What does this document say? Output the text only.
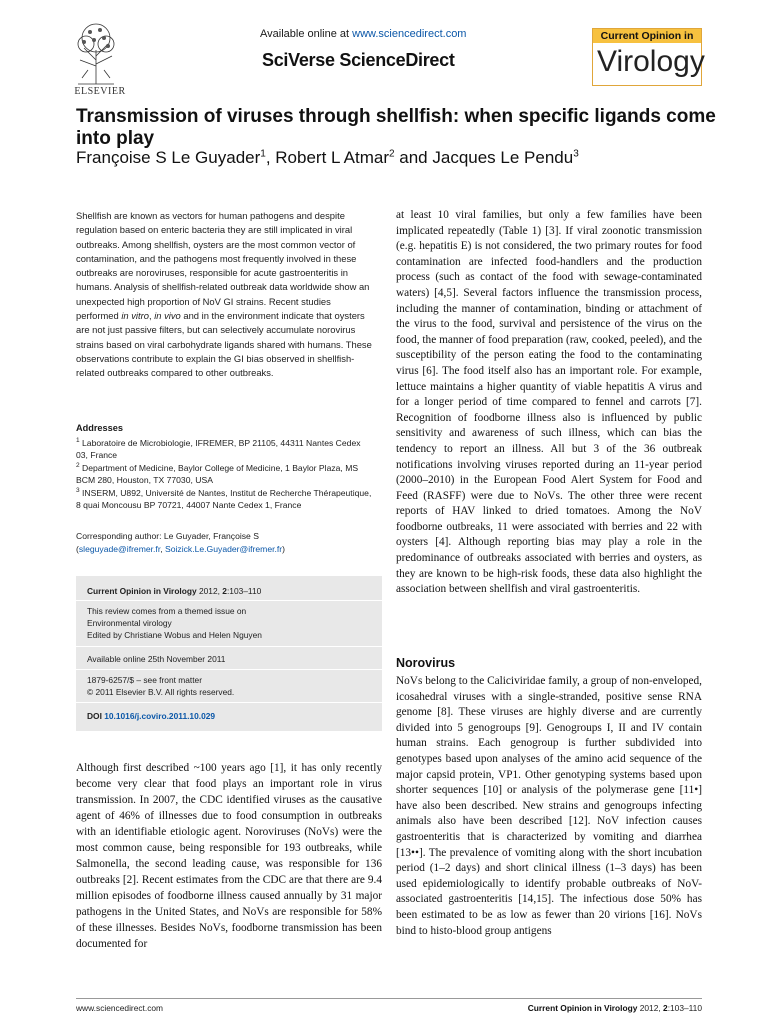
ELSEVIER
Available online at www.sciencedirect.com
SciVerse ScienceDirect
Current Opinion in
Virology
Transmission of viruses through shellfish: when specific ligands come into play
Françoise S Le Guyader$^1$, Robert L Atmar$^2$ and Jacques Le Pendu$^3$
Shellfish are known as vectors for human pathogens and despite regulation based on enteric bacteria they are still implicated in viral outbreaks. Among shellfish, oysters are the most common vector of contamination, and the pathogens most frequently involved in these outbreaks are noroviruses, responsible for acute gastroenteritis in humans. Analysis of shellfish-related outbreak data worldwide show an unexpected high proportion of NoV GI strains. Recent studies performed in vitro, in vivo and in the environment indicate that oysters are not just passive filters, but can selectively accumulate norovirus strains based on viral carbohydrate ligands shared with humans. These observations contribute to explain the GI bias observed in shellfish-related outbreaks compared to other outbreaks.
Addresses
$^1$ Laboratoire de Microbiologie, IFREMER, BP 21105, 44311 Nantes Cedex 03, France
$^2$ Department of Medicine, Baylor College of Medicine, 1 Baylor Plaza, MS BCM 280, Houston, TX 77030, USA
$^3$ INSERM, U892, Université de Nantes, Institut de Recherche Thérapeutique, 8 quai Moncousu BP 70721, 44007 Nante Cedex 1, France
Corresponding author: Le Guyader, Françoise S
(sleguyade@ifremer.fr, Soizick.Le.Guyader@ifremer.fr)
Current Opinion in Virology 2012, 2:103–110
This review comes from a themed issue on
Environmental virology
Edited by Christiane Wobus and Helen Nguyen
Available online 25th November 2011
1879-6257/$ – see front matter
© 2011 Elsevier B.V. All rights reserved.
DOI 10.1016/j.coviro.2011.10.029

Although first described ~100 years ago [1], it has only recently become very clear that food plays an important role in virus transmission. In 2007, the CDC identified viruses as the causative agent of 46% of illnesses due to food consumption in outbreaks with an identifiable etiologic agent. Noroviruses (NoVs) were the most common cause, being responsible for 193 outbreaks, while Salmonella, the second leading cause, was responsible for 136 outbreaks [2]. Recent estimates from the CDC are that there are 9.4 million episodes of foodborne illness caused annually by 31 major pathogens in the United States, and NoVs are responsible for 58% of these illnesses. Besides NoVs, foodborne transmission has been documented for

at least 10 viral families, but only a few families have been implicated repeatedly (Table 1) [3]. If viral zoonotic transmission (e.g. hepatitis E) is not considered, the two primary routes for food contamination are infected food-handlers and the production process (such as contact of the food with sewage-contaminated waters) [4,5]. Several factors influence the transmission process, including the manner of contamination, binding or attachment of the virus to the food, survival and persistence of the virus on the food, the manner of food preparation (raw, cooked, peeled), and the susceptibility of the person eating the food to the contaminating virus [6]. The food itself also has an important role. For example, lettuce maintains a higher quantity of viable hepatitis A virus and for a longer period of time compared to fennel and carrots [7]. Recognition of foodborne illness also is influenced by public sensitivity and awareness of such illness, which can bias the tendency to report an illness. All but 3 of the 36 outbreak notifications involving viruses reported during an 11-year period (2000–2010) in the European Food Alert System for Food and Feed (RASFF) were due to NoVs. The other three were recent reports of HAV linked to dried tomatoes. Among the NoV foodborne outbreaks, 11 were associated with berries and 22 with oysters [4]. Although reporting bias may play a role in the predominance of outbreaks associated with berries and oysters, as they are known to be high-risk foods, these data also highlight the association between shellfish and viral gastroenteritis.

Norovirus

NoVs belong to the Caliciviridae family, a group of non-enveloped, icosahedral viruses with a single-stranded, positive sense RNA genome [8]. These viruses are highly diverse and are currently divided into 5 genogroups [9]. Genogroups I, II and IV contain human strains. Each genogroup is further subdivided into genotypes based upon analyses of the amino acid sequence of the major capsid protein, VP1. Other genotyping systems based upon shorter sequences [10] or analysis of the polymerase gene [11•] have also been described. New strains and genogroups infecting animals also have been described [12]. NoV infection causes gastroenteritis that is characterized by vomiting and diarrhea [13••]. The prevalence of vomiting along with the short incubation period (1–2 days) and short clinical illness (1–3 days) has been used epidemiologically to identify probable outbreaks of NoV-associated gastroenteritis [14,15]. The infectious dose 50% has been estimated to be as low as fewer than 20 virions [16]. NoVs bind to histo-blood group antigens

www.sciencedirect.com	Current Opinion in Virology 2012, 2:103–110
